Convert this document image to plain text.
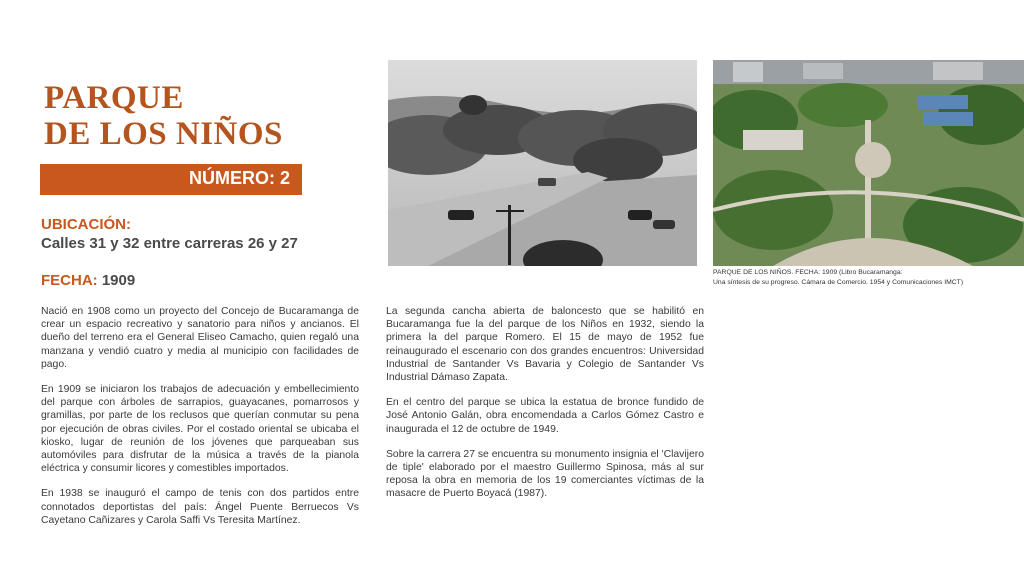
PARQUE
DE LOS NIÑOS
NÚMERO: 2
UBICACIÓN:
Calles 31 y 32 entre carreras 26 y 27
FECHA: 1909

Nació en 1908 como un proyecto del Concejo de Bucaramanga de crear un espacio recreativo y sanatorio para niños y ancianos. El dueño del terreno era el General Eliseo Camacho, quien regaló una manzana y vendió cuatro y media al municipio con facilidades de pago.

En 1909 se iniciaron los trabajos de adecuación y embellecimiento del parque con árboles de sarrapios, guayacanes, pomarrosos y gramillas, por parte de los reclusos que querían conmutar su pena por ejecución de obras civiles. Por el costado oriental se ubicaba el kiosko, lugar de reunión de los jóvenes que parqueaban sus automóviles para disfrutar de la música a través de la pianola eléctrica y consumir licores y comestibles importados.

En 1938 se inauguró el campo de tenis con dos partidos entre connotados deportistas del país: Ángel Puente Berruecos Vs Cayetano Cañizares y Carola Saffi Vs Teresita Martínez.

La segunda cancha abierta de baloncesto que se habilitó en Bucaramanga fue la del parque de los Niños en 1932, siendo la primera la del parque Romero. El 15 de mayo de 1952 fue reinaugurado el escenario con dos grandes encuentros: Universidad Industrial de Santander Vs Bavaria y Colegio de Santander Vs Industrial Dámaso Zapata.

En el centro del parque se ubica la estatua de bronce fundido de José Antonio Galán, obra encomendada a Carlos Gómez Castro e inaugurada el 12 de octubre de 1949.

Sobre la carrera 27 se encuentra su monumento insignia el 'Clavijero de tiple' elaborado por el maestro Guillermo Spinosa, más al sur reposa la obra en memoria de los 19 comerciantes víctimas de la masacre de Puerto Boyacá (1987).

PARQUE DE LOS NIÑOS. FECHA: 1909 (Libro Bucaramanga:
Una síntesis de su progreso. Cámara de Comercio. 1954 y Comunicaciones IMCT)
